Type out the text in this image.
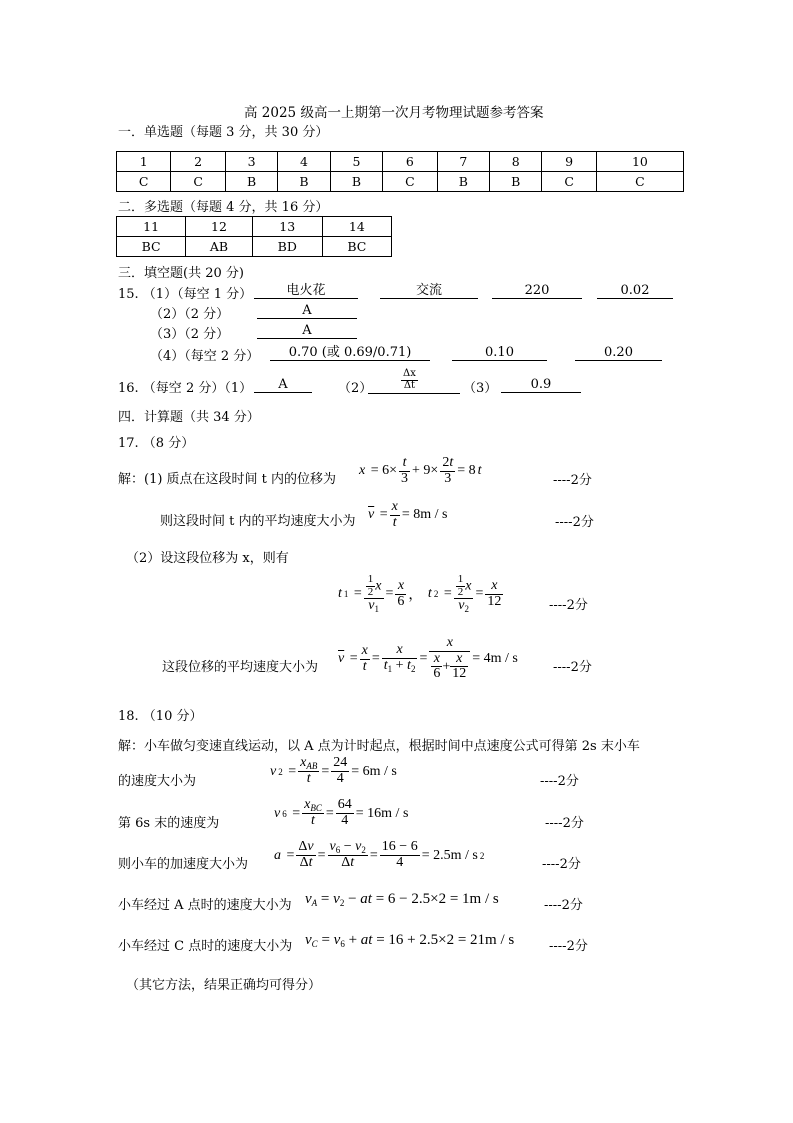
高 2025 级高一上期第一次月考物理试题参考答案
一．单选题（每题 3 分，共 30 分）
1	2	3	4	5	6	7	8	9	10
C	C	B	B	B	C	B	B	C	C
二．多选题（每题 4 分，共 16 分）
11	12	13	14
BC	AB	BD	BC
三．填空题(共 20 分)
15. （1）（每空 1 分）	电火花	交流	220	0.02
（2）（2 分）	A
（3）（2 分）	A
（4）（每空 2 分）	0.70 (或 0.69/0.71)	0.10	0.20
16. （每空 2 分）（1）	A	（2）	$\frac{\Delta x}{\Delta t}$	（3）	0.9
四．计算题（共 34 分）
17. （8 分）
解：(1) 质点在这段时间 t 内的位移为
$x = 6\times \frac{t}{3} + 9\times \frac{2t}{3} = 8$ t
----2分
则这段时间 t 内的平均速度大小为 $\overline{v} = \frac{x}{t} = 8m / s$
----2分
（2）设这段位移为 x，则有
t $1 = \frac{\frac{1}{2} x}{v_1} = \frac{x}{6}$ ， t $2 = \frac{\frac{1}{2} x}{v_2} = \frac{x}{12}$	----2分
这段位移的平均速度大小为
$\overline{v} = \frac{x}{t} = \frac{x}{t_1 + t_2} = \frac{x}{\frac{x}{6} + \frac{x}{12}} = 4m / s$
----2分
18. （10 分）
解：小车做匀变速直线运动，以 A 点为计时起点，根据时间中点速度公式可得第 2s 末小车
的速度大小为
v $2 = \frac{x_{AB}}{t} = \frac{24}{4} = 6m / s$
----2分
第 6s 末的速度为
v $6 = \frac{x_{BC}}{t} = \frac{64}{4} = 16m / s$
----2分
则小车的加速度大小为
$a = \frac{\Delta v}{\Delta t} = \frac{v_6 - v_2}{\Delta t} = \frac{16 - 6}{4} = 2.5m / s$ 2
----2分
小车经过 A 点时的速度大小为 $v_A = v_2$ − at = 6 − 2.5×2 = 1m / s	----2分
小车经过 C 点时的速度大小为 $v_C = v_6$ + at = 16 + 2.5×2 = 21m / s	----2分
（其它方法，结果正确均可得分）
